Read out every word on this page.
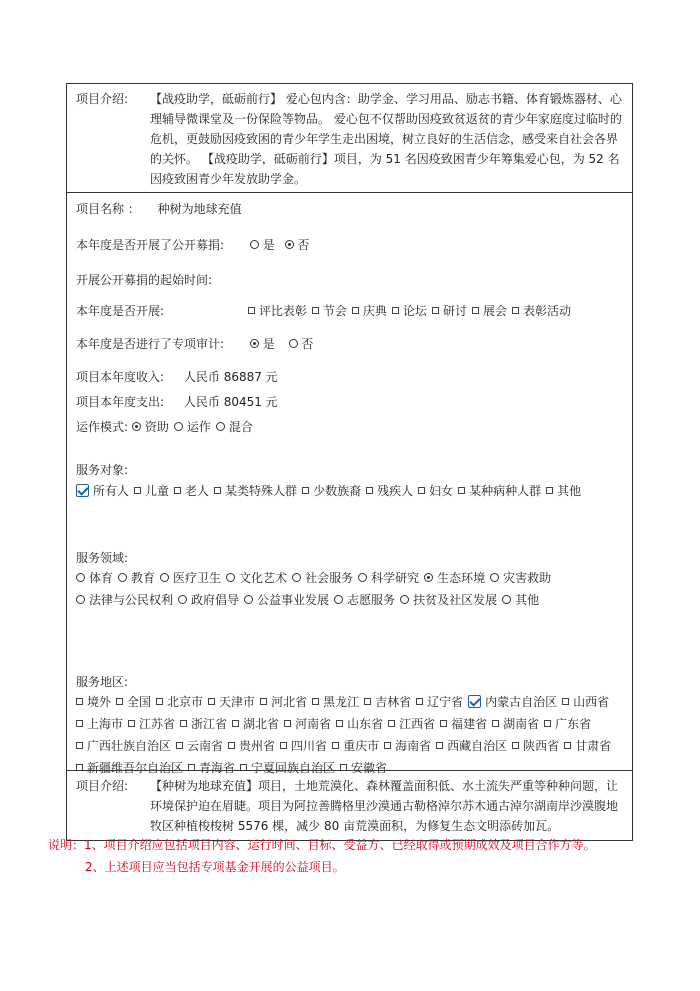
项目介绍:	【战疫助学，砥砺前行】 爱心包内含：助学金、学习用品、励志书籍、体育锻炼器材、心理辅导微课堂及一份保险等物品。 爱心包不仅帮助因疫致贫返贫的青少年家庭度过临时的危机，更鼓励因疫致困的青少年学生走出困境，树立良好的生活信念，感受来自社会各界的关怀。 【战疫助学，砥砺前行】项目，为 51 名因疫致困青少年筹集爱心包，为 52 名因疫致困青少年发放助学金。
项目名称 ： 种树为地球充值
本年度是否开展了公开募捐:	是 否
开展公开募捐的起始时间:
本年度是否开展:	评比表彰 节会 庆典 论坛 研讨 展会 表彰活动
本年度是否进行了专项审计:	是 否
项目本年度收入: 人民币 86887 元
项目本年度支出: 人民币 80451 元
运作模式: 资助 运作 混合
服务对象:
所有人 儿童 老人 某类特殊人群 少数族裔 残疾人 妇女 某种病种人群 其他
服务领域:
体育 教育 医疗卫生 文化艺术 社会服务 科学研究 生态环境 灾害救助法律与公民权利 政府倡导 公益事业发展 志愿服务 扶贫及社区发展 其他
服务地区:
境外 全国 北京市 天津市 河北省 黑龙江 吉林省 辽宁省 内蒙古自治区 山西省上海市 江苏省 浙江省 湖北省 河南省 山东省 江西省 福建省 湖南省 广东省广西壮族自治区 云南省 贵州省 四川省 重庆市 海南省 西藏自治区 陕西省 甘肃省新疆维吾尔自治区 青海省 宁夏回族自治区 安徽省
项目介绍:	【种树为地球充值】项目，土地荒漠化、森林覆盖面积低、水土流失严重等种种问题，让环境保护迫在眉睫。项目为阿拉善腾格里沙漠通古勒格淖尔苏木通古淖尔湖南岸沙漠腹地牧区种植梭梭树 5576 棵，减少 80 亩荒漠面积，为修复生态文明添砖加瓦。
说明：1、项目介绍应包括项目内容、运行时间、目标、受益方、已经取得或预期成效及项目合作方等。
2、上述项目应当包括专项基金开展的公益项目。
